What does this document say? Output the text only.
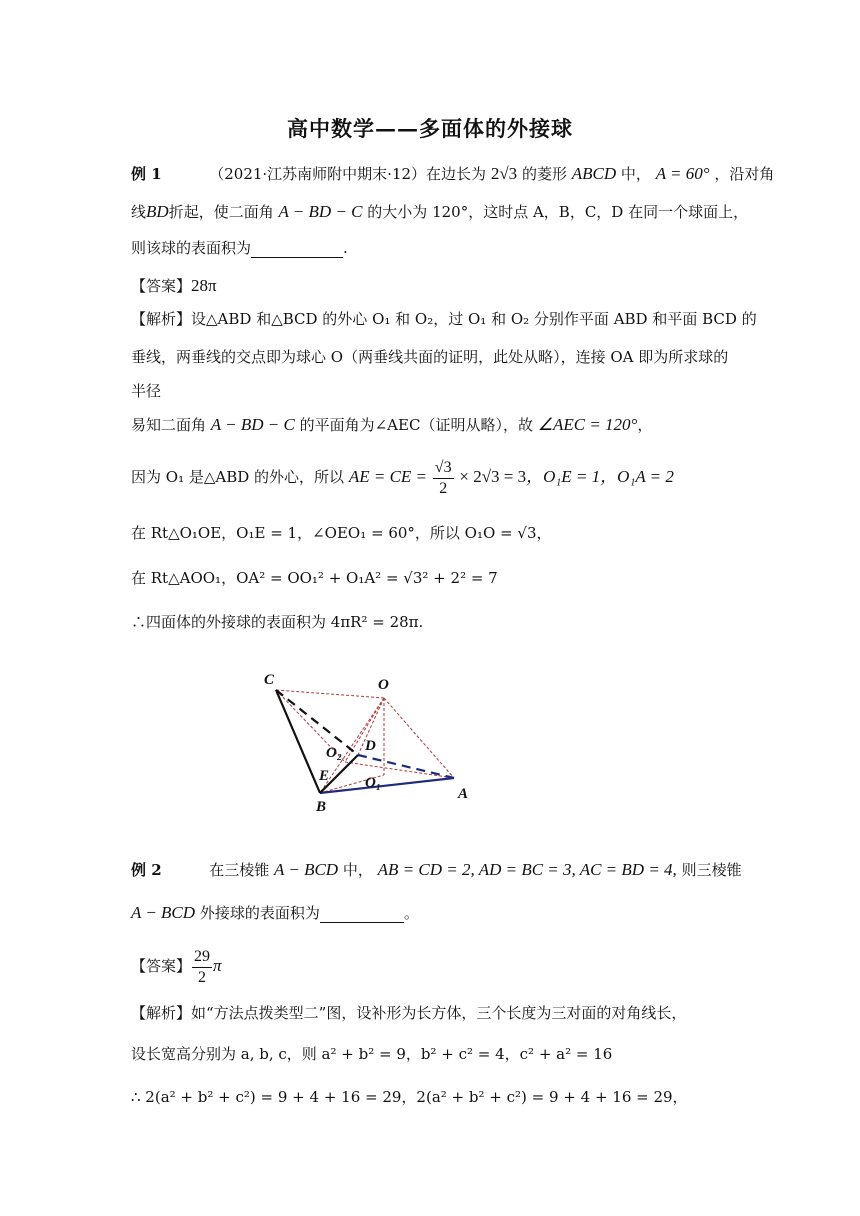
高中数学——多面体的外接球
例 1	（2021·江苏南师附中期末·12）在边长为 2√3 的菱形 ABCD 中， A = 60° ，沿对角
线BD折起，使二面角 A − BD − C 的大小为 120°，这时点 A，B，C，D 在同一个球面上，
则该球的表面积为	.
【答案】28π
【解析】设△ABD 和△BCD 的外心 O₁ 和 O₂，过 O₁ 和 O₂ 分别作平面 ABD 和平面 BCD 的
垂线，两垂线的交点即为球心 O（两垂线共面的证明，此处从略），连接 OA 即为所求球的
半径
易知二面角 A − BD − C 的平面角为∠AEC（证明从略），故 ∠AEC = 120°，
因为 O₁ 是△ABD 的外心，所以 AE = CE = $\frac{√3}{2} \times 2√3 = 3$，O₁E = 1，O₁A = 2
在 Rt△O₁OE，O₁E = 1，∠OEO₁ = 60°，所以 O₁O = √3，
在 Rt△AOO₁，OA² = OO₁² + O₁A² = √3² + 2² = 7
∴四面体的外接球的表面积为 4πR² = 28π.
C	O
D
O₂
E O₁
B
A
例 2	在三棱锥 A − BCD 中， AB = CD = 2, AD = BC = 3, AC = BD = 4, 则三棱锥
A − BCD 外接球的表面积为	。
【答案】 $\frac{29}{2}$ π
【解析】如“方法点拨类型二”图，设补形为长方体，三个长度为三对面的对角线长，
设长宽高分别为 a, b, c，则 a² + b² = 9，b² + c² = 4，c² + a² = 16
∴ 2(a² + b² + c²) = 9 + 4 + 16 = 29，2(a² + b² + c²) = 9 + 4 + 16 = 29，
